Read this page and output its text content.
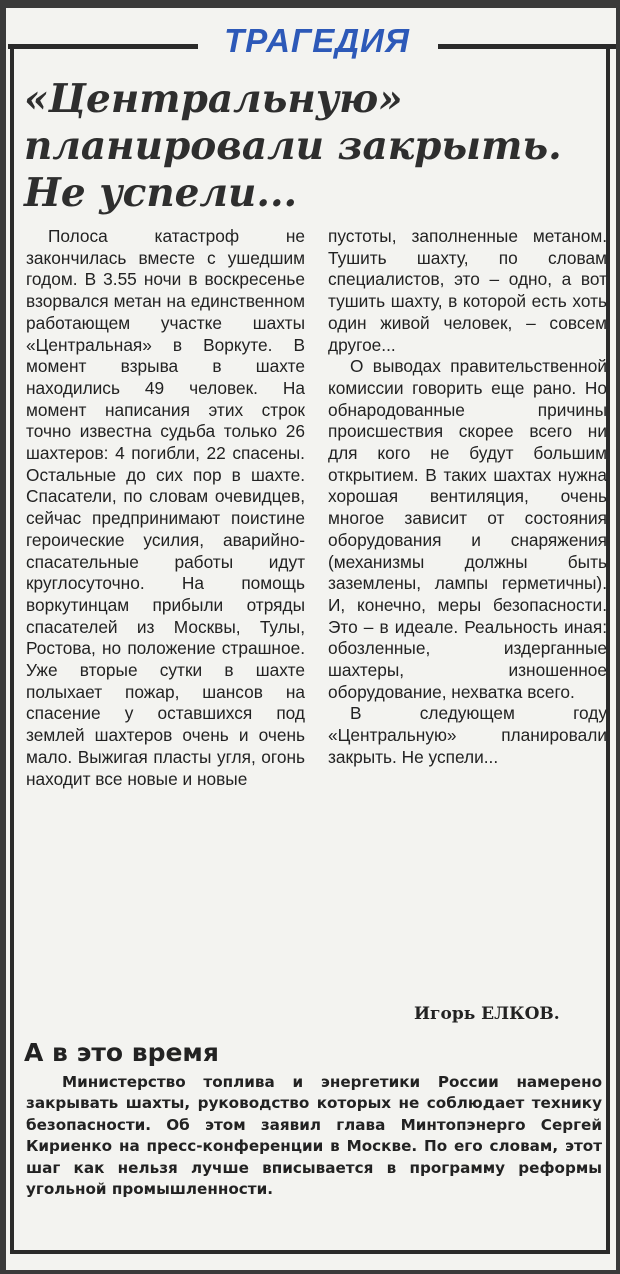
ТРАГЕДИЯ
«Центральную»
планировали закрыть.
Не успели...

Полоса катастроф не закончилась вместе с ушедшим годом. В 3.55 ночи в воскресенье взорвался метан на единственном работающем участке шахты «Центральная» в Воркуте. В момент взрыва в шахте находились 49 человек. На момент написания этих строк точно известна судьба только 26 шахтеров: 4 погибли, 22 спасены. Остальные до сих пор в шахте. Спасатели, по словам очевидцев, сейчас предпринимают поистине героические усилия, аварийно-спасательные работы идут круглосуточно. На помощь воркутинцам прибыли отряды спасателей из Москвы, Тулы, Ростова, но положение страшное. Уже вторые сутки в шахте полыхает пожар, шансов на спасение у оставшихся под землей шахтеров очень и очень мало. Выжигая пласты угля, огонь находит все новые и новые

пустоты, заполненные метаном. Тушить шахту, по словам специалистов, это – одно, а вот тушить шахту, в которой есть хоть один живой человек, – совсем другое...

О выводах правительственной комиссии говорить еще рано. Но обнародованные причины происшествия скорее всего ни для кого не будут большим открытием. В таких шахтах нужна хорошая вентиляция, очень многое зависит от состояния оборудования и снаряжения (механизмы должны быть заземлены, лампы герметичны). И, конечно, меры безопасности. Это – в идеале. Реальность иная: обозленные, издерганные шахтеры, изношенное оборудование, нехватка всего.

В следующем году «Центральную» планировали закрыть. Не успели...

Игорь ЕЛКОВ.
А в это время

Министерство топлива и энергетики России намерено закрывать шахты, руководство которых не соблюдает технику безопасности. Об этом заявил глава Минтопэнерго Сергей Кириенко на пресс-конференции в Москве. По его словам, этот шаг как нельзя лучше вписывается в программу реформы угольной промышленности.
